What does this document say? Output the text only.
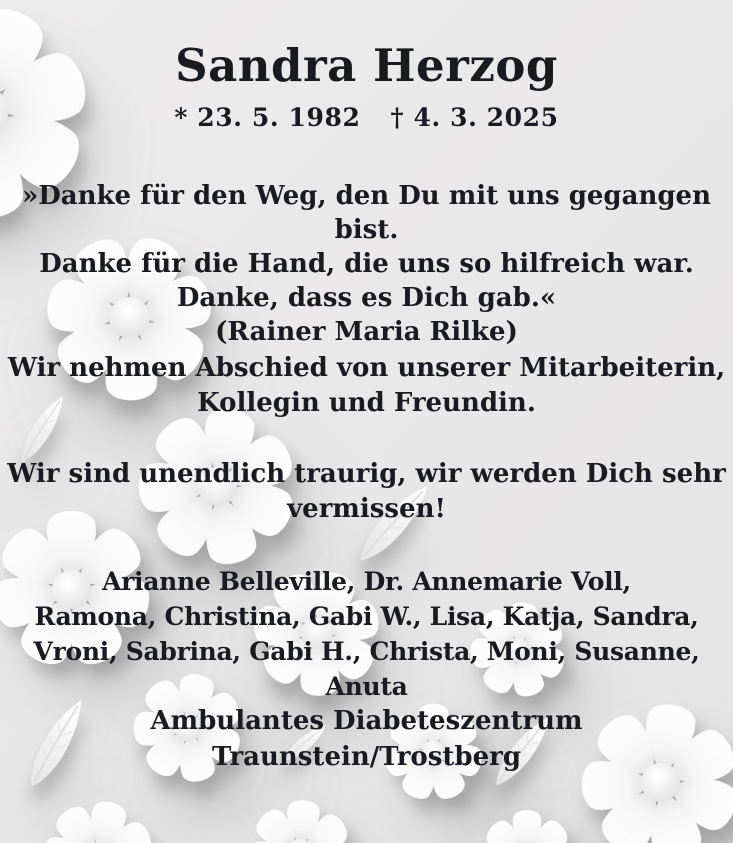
Sandra Herzog
* 23. 5. 1982 † 4. 3. 2025
»Danke für den Weg, den Du mit uns gegangen bist.
Danke für die Hand, die uns so hilfreich war.
Danke, dass es Dich gab.«
(Rainer Maria Rilke)
Wir nehmen Abschied von unserer Mitarbeiterin,
Kollegin und Freundin.
Wir sind unendlich traurig, wir werden Dich sehr
vermissen!
Arianne Belleville, Dr. Annemarie Voll,
Ramona, Christina, Gabi W., Lisa, Katja, Sandra,
Vroni, Sabrina, Gabi H., Christa, Moni, Susanne, Anuta
Ambulantes Diabeteszentrum
Traunstein/Trostberg
